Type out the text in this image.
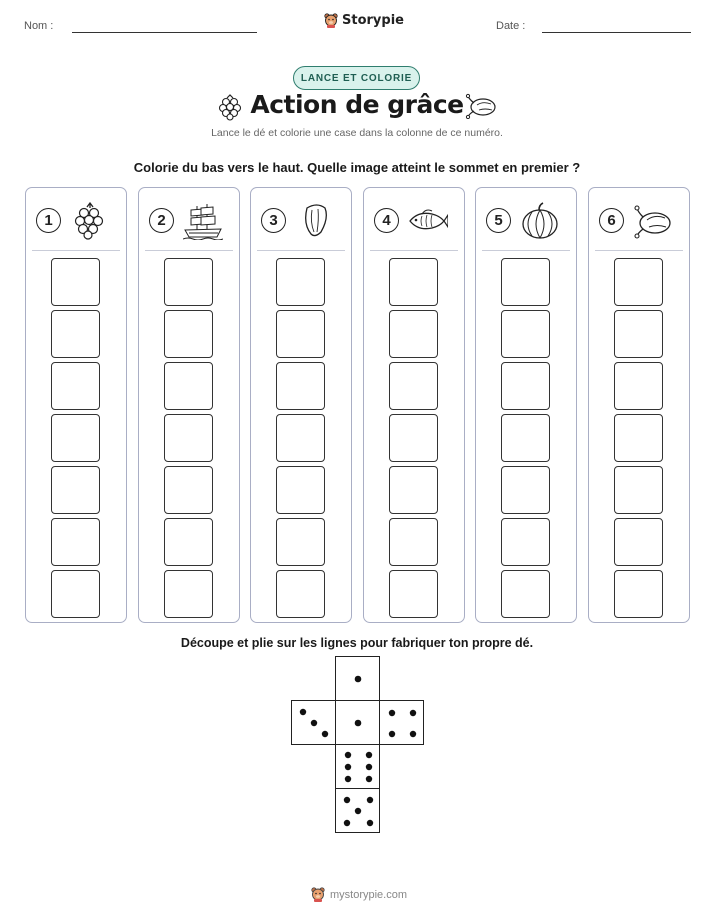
Nom :	Storypie	Date :
LANCE ET COLORIE
Action de grâce
Lance le dé et colorie une case dans la colonne de ce numéro.
Colorie du bas vers le haut. Quelle image atteint le sommet en premier ?
1	2	3	4	5	6
Découpe et plie sur les lignes pour fabriquer ton propre dé.
mystorypie.com
